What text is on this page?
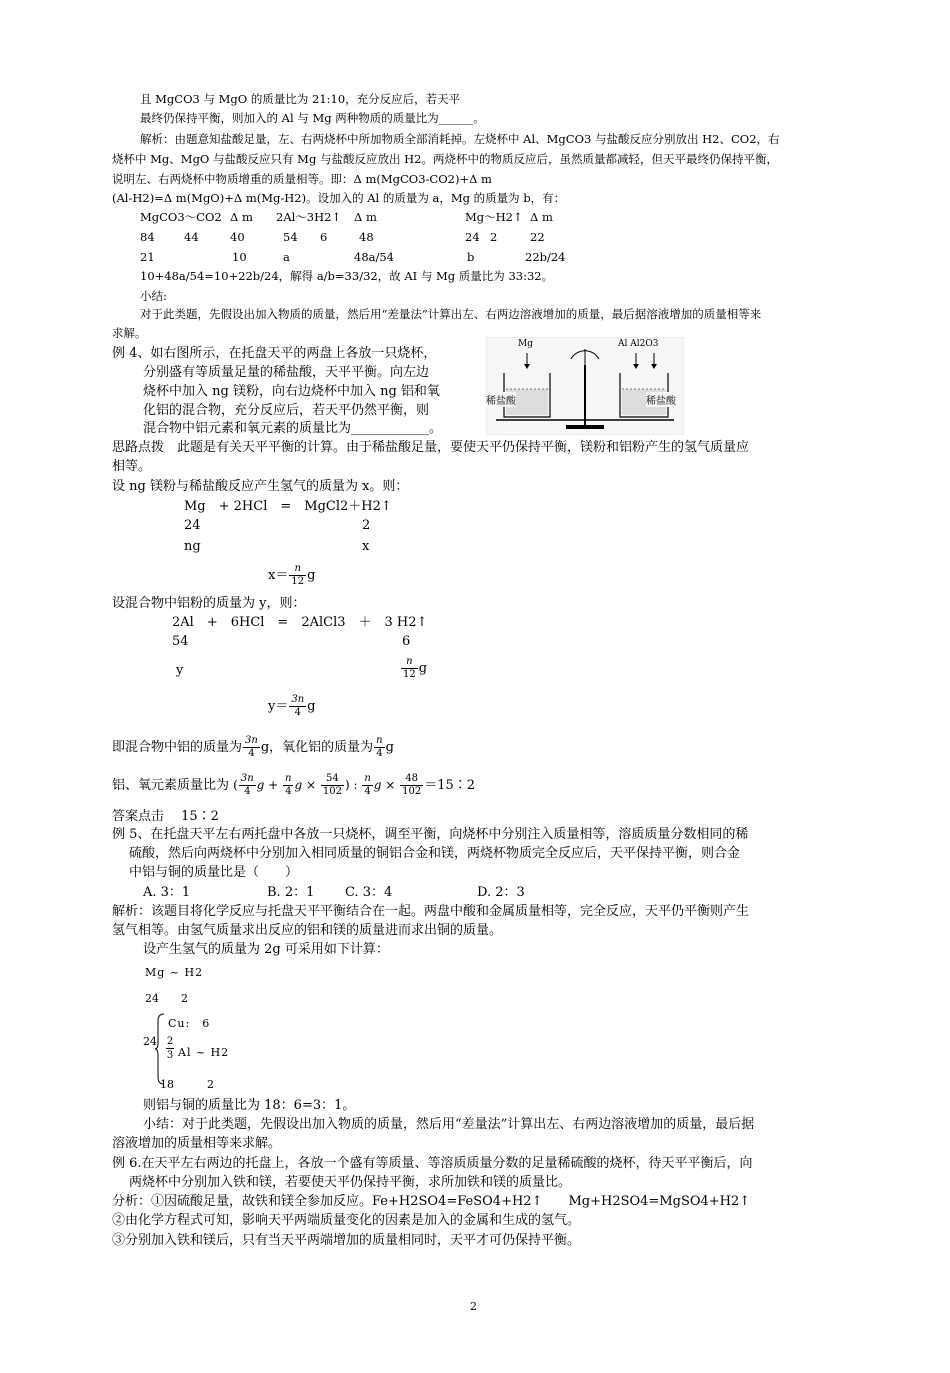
且 MgCO3 与 MgO 的质量比为 21:10，充分反应后，若天平
最终仍保持平衡，则加入的 Al 与 Mg 两种物质的质量比为______。
解析：由题意知盐酸足量，左、右两烧杯中所加物质全部消耗掉。左烧杯中 Al、MgCO3 与盐酸反应分别放出 H2、CO2，右
烧杯中 Mg、MgO 与盐酸反应只有 Mg 与盐酸反应放出 H2。两烧杯中的物质反应后，虽然质量都减轻，但天平最终仍保持平衡，
说明左、右两烧杯中物质增重的质量相等。即：Δ m(MgCO3-CO2)+Δ m
(Al-H2)=Δ m(MgO)+Δ m(Mg-H2)。设加入的 Al 的质量为 a，Mg 的质量为 b，有：
MgCO3～CO2 Δ m 2Al～3H2↑ Δ m	Mg～H2↑ Δ m
84	44	40	54 6	48	24 2	22
21	10	a	48a/54	b	22b/24
10+48a/54=10+22b/24，解得 a/b=33/32，故 AI 与 Mg 质量比为 33:32。
小结:
对于此类题，先假设出加入物质的质量，然后用“差量法”计算出左、右两边溶液增加的质量，最后据溶液增加的质量相等来
求解。
例 4、如右图所示，在托盘天平的两盘上各放一只烧杯，
分别盛有等质量足量的稀盐酸，天平平衡。向左边
烧杯中加入 ng 镁粉，向右边烧杯中加入 ng 铝和氧
化铝的混合物，充分反应后，若天平仍然平衡，则
混合物中铝元素和氧元素的质量比为____________。
Mg	Al Al2O3
稀盐酸	稀盐酸
思路点拨　此题是有关天平平衡的计算。由于稀盐酸足量，要使天平仍保持平衡，镁粉和铝粉产生的氢气质量应
相等。
设 ng 镁粉与稀盐酸反应产生氢气的质量为 x。则：
Mg　+ 2HCl　=　MgCl2＋H2↑
24	2
ng	x
$x= \frac{n}{12}$ g
设混合物中铝粉的质量为 y，则：
2Al　+　6HCl　=　2AlCl3　＋　3 H2↑
54	6
y	$\frac{n}{12}$ g
$y= \frac{3n}{4}$ g
即混合物中铝的质量为 $\frac{3n}{4}$ g，氧化铝的质量为 $\frac{n}{4}$ g
铝、氧元素质量比为 ( $\frac{3n}{4}$ $g + \frac{n}{4}$ $g \times \frac{54}{102}$ ) : $\frac{n}{4}$ $g \times \frac{48}{102}$ ＝15∶2
答案点击　 15∶2
例 5、在托盘天平左右两托盘中各放一只烧杯，调至平衡，向烧杯中分别注入质量相等，溶质质量分数相同的稀
硫酸，然后向两烧杯中分别加入相同质量的铜铝合金和镁，两烧杯物质完全反应后，天平保持平衡，则合金
中铝与铜的质量比是（　　）
A. 3：1	B. 2：1 C. 3：4	D. 2：3
解析：该题目将化学反应与托盘天平平衡结合在一起。两盘中酸和金属质量相等，完全反应，天平仍平衡则产生
氢气相等。由氢气质量求出反应的铝和镁的质量进而求出铜的质量。
设产生氢气的质量为 2g 可采用如下计算：
Mg ~ H2
24　　2
Cu:　6
24 2
3 Al ~ H2
18　　　2
则铝与铜的质量比为 18：6=3：1。
小结：对于此类题，先假设出加入物质的质量，然后用“差量法”计算出左、右两边溶液增加的质量，最后据
溶液增加的质量相等来求解。
例 6.在天平左右两边的托盘上，各放一个盛有等质量、等溶质质量分数的足量稀硫酸的烧杯，待天平平衡后，向
两烧杯中分别加入铁和镁，若要使天平仍保持平衡，求所加铁和镁的质量比。
分析：①因硫酸足量，故铁和镁全参加反应。Fe+H2SO4=FeSO4+H2↑　　Mg+H2SO4=MgSO4+H2↑
②由化学方程式可知，影响天平两端质量变化的因素是加入的金属和生成的氢气。
③分别加入铁和镁后，只有当天平两端增加的质量相同时，天平才可仍保持平衡。
2
